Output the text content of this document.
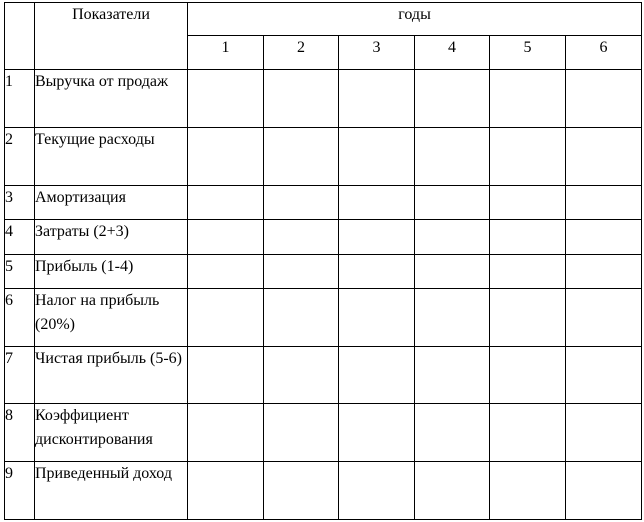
	Показатели	годы					
		1	2	3	4	5	6
1	Выручка от продаж						
2	Текущие расходы						
3	Амортизация						
4	Затраты (2+3)						
5	Прибыль (1-4)						
6	Налог на прибыль (20%)						
7	Чистая прибыль (5-6)						
8	Коэффициент дисконтирования						
9	Приведенный доход						
